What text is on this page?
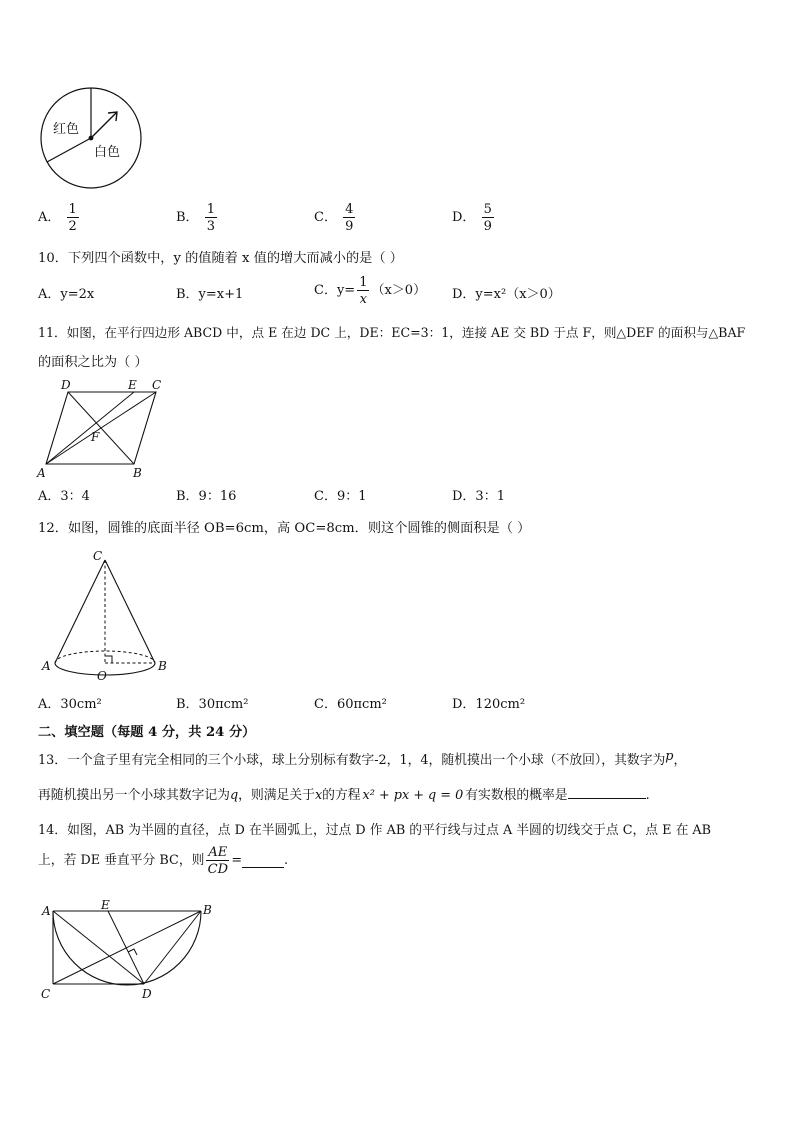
红色
白色
A． $\frac{1}{2}$	B． $\frac{1}{3}$	C． $\frac{4}{9}$	D． $\frac{5}{9}$
10．下列四个函数中，y 的值随着 x 值的增大而减小的是（ ）
A．y=2x	B．y=x+1	C．$y= \frac{1}{x} (x>0)$ D．y=x²（x＞0）
11．如图，在平行四边形 ABCD 中，点 E 在边 DC 上，DE：EC=3：1，连接 AE 交 BD 于点 F，则△DEF 的面积与△BAF
的面积之比为（ ）
D	E C
F
A	B
A．3：4	B．9：16	C．9：1	D．3：1
12．如图，圆锥的底面半径 OB=6cm，高 OC=8cm．则这个圆锥的侧面积是（ ）
C
A	B
O
A．30cm²	B．30πcm²	C．60πcm²	D．120cm²
二、填空题（每题 4 分，共 24 分）
13．一个盒子里有完全相同的三个小球，球上分别标有数字-2，1，4，随机摸出一个小球（不放回），其数字为p，
再随机摸出另一个小球其数字记为q，则满足关于x的方程 x² + px + q = 0 有实数根的概率是	.
14．如图，AB 为半圆的直径，点 D 在半圆弧上，过点 D 作 AB 的平行线与过点 A 半圆的切线交于点 C，点 E 在 AB
上，若 DE 垂直平分 BC，则 $\frac{AE}{CD}$ =	.
A	E	B
C	D
